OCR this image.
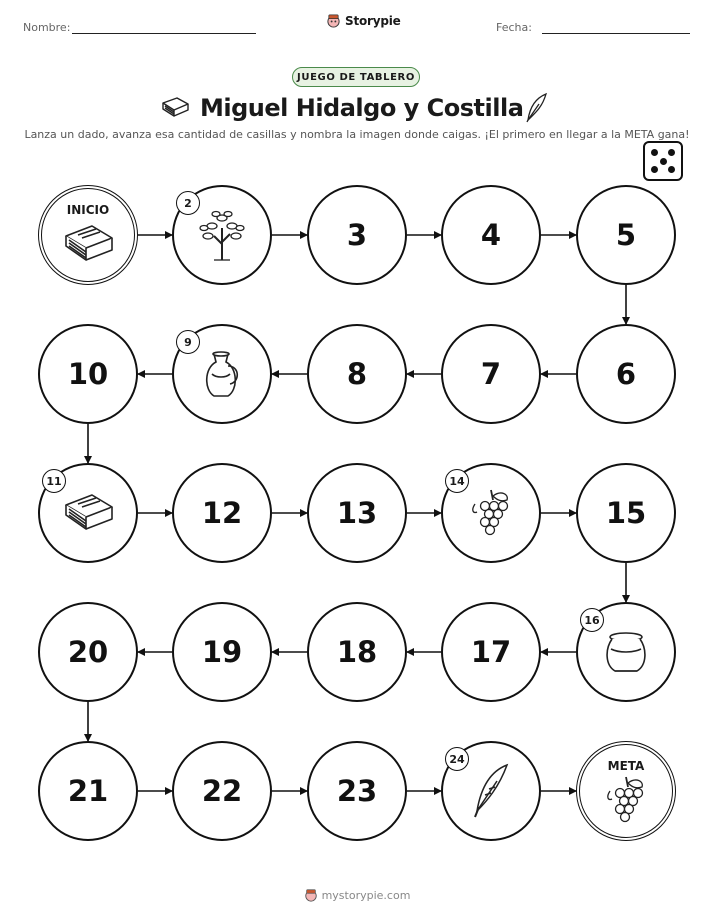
Nombre:	Storypie	Fecha:
JUEGO DE TABLERO
Miguel Hidalgo y Costilla
Lanza un dado, avanza esa cantidad de casillas y nombra la imagen donde caigas. ¡El primero en llegar a la META gana!
INICIO	2
3	4	5
6
7
8
9
10
11
12	13
14
15
16
17
18
19
20
21	22	23
24	META
mystorypie.com
